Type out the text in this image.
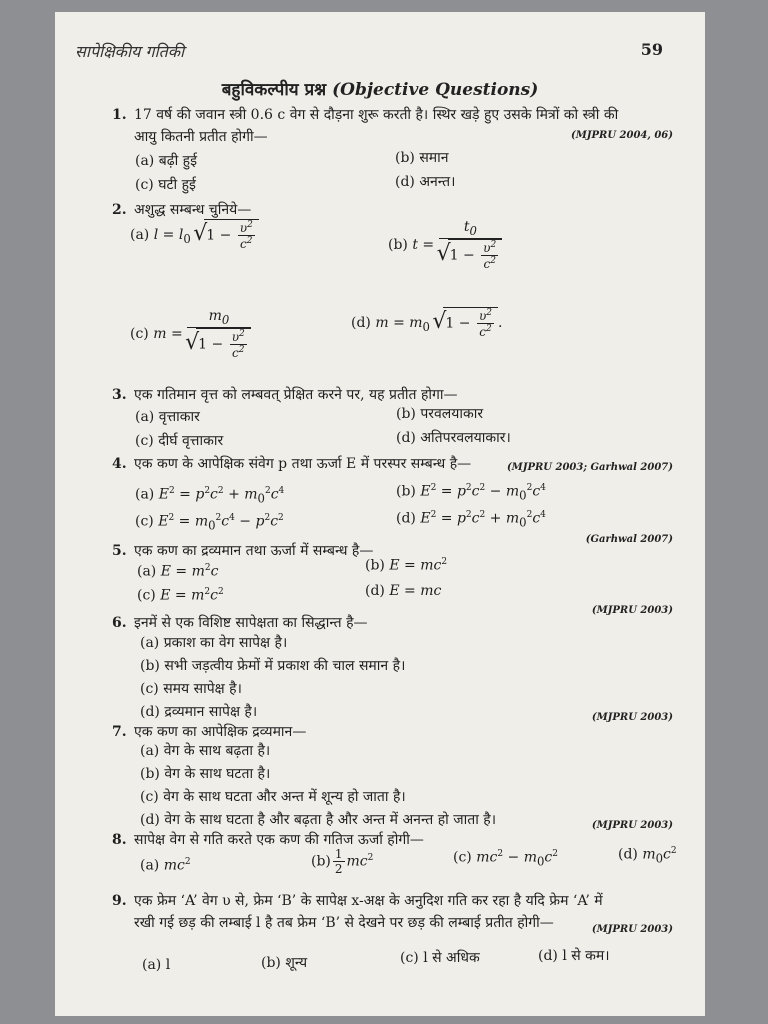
सापेक्षिकीय गतिकी	59
बहुविकल्पीय प्रश्न (Objective Questions)
1. 17 वर्ष की जवान स्त्री 0.6 c वेग से दौड़ना शुरू करती है। स्थिर खड़े हुए उसके मित्रों को स्त्री की
आयु कितनी प्रतीत होगी—	(MJPRU 2004, 06)
(a) बढ़ी हुई	(b) समान
(c) घटी हुई	(d) अनन्त।
2. अशुद्ध सम्बन्ध चुनिये—
(a) $l = l_0$ √ $1 - \frac{\upsilon^2}{c^2}$	(b) $t = t_0$
√ $1 - \frac{\upsilon^2}{c^2}$
(c) $m = m_0$
√ $1 - \frac{\upsilon^2}{c^2}$	(d) $m = m_0$ √ $1 - \frac{\upsilon^2}{c^2}$ .
3. एक गतिमान वृत्त को लम्बवत् प्रेक्षित करने पर, यह प्रतीत होगा—
(a) वृत्ताकार	(b) परवलयाकार
(c) दीर्घ वृत्ताकार	(d) अतिपरवलयाकार।
4. एक कण के आपेक्षिक संवेग p तथा ऊर्जा E में परस्पर सम्बन्ध है—	(MJPRU 2003; Garhwal 2007)
(a) $E^2 = p^2c^2 + m_0^2c^4$	(b) $E^2 = p^2c^2 - m_0^2c^4$
(c) $E^2 = m_0^2c^4 - p^2c^2$	(d) $E^2 = p^2c^2 + m_0^2c^4$
5. एक कण का द्रव्यमान तथा ऊर्जा में सम्बन्ध है—
(Garhwal 2007)
(a) $E = m^2c$	(b) $E = mc^2$
(c) $E = m^2c^2$	(d) E = mc
6. इनमें से एक विशिष्ट सापेक्षता का सिद्धान्त है—
(MJPRU 2003)
(a) प्रकाश का वेग सापेक्ष है।
(b) सभी जड़त्वीय फ्रेमों में प्रकाश की चाल समान है।
(c) समय सापेक्ष है।
(d) द्रव्यमान सापेक्ष है।
7. एक कण का आपेक्षिक द्रव्यमान—
(MJPRU 2003)
(a) वेग के साथ बढ़ता है।
(b) वेग के साथ घटता है।
(c) वेग के साथ घटता और अन्त में शून्य हो जाता है।
(d) वेग के साथ घटता है और बढ़ता है और अन्त में अनन्त हो जाता है।
8. सापेक्ष वेग से गति करते एक कण की गतिज ऊर्जा होगी—
(MJPRU 2003)
(a) $mc^2$	$(b) \frac{1}{2} mc^2$	(c) $mc^2 - m_0c^2$	(d) $m_0c^2$
9. एक फ्रेम ‘A’ वेग υ से, फ्रेम ‘B’ के सापेक्ष x-अक्ष के अनुदिश गति कर रहा है यदि फ्रेम ‘A’ में
रखी गई छड़ की लम्बाई l है तब फ्रेम ‘B’ से देखने पर छड़ की लम्बाई प्रतीत होगी—	(MJPRU 2003)
(a) l	(b) शून्य	(c) l से अधिक	(d) l से कम।
